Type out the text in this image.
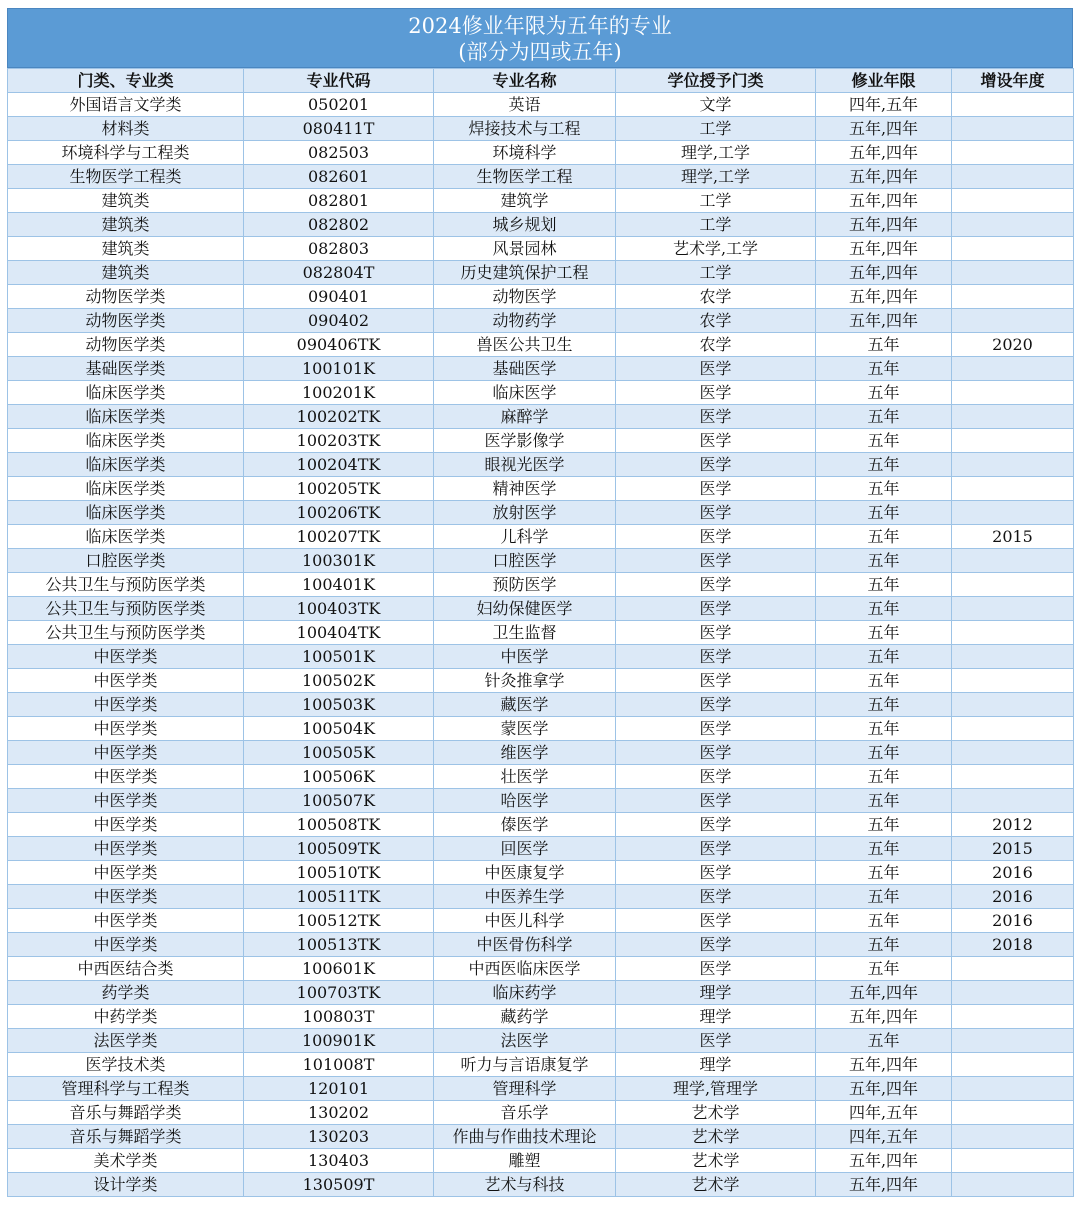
2024修业年限为五年的专业
(部分为四或五年)
门类、专业类	专业代码	专业名称	学位授予门类	修业年限	增设年度
外国语言文学类	050201	英语	文学	四年,五年	
材料类	080411T	焊接技术与工程	工学	五年,四年	
环境科学与工程类	082503	环境科学	理学,工学	五年,四年	
生物医学工程类	082601	生物医学工程	理学,工学	五年,四年	
建筑类	082801	建筑学	工学	五年,四年	
建筑类	082802	城乡规划	工学	五年,四年	
建筑类	082803	风景园林	艺术学,工学	五年,四年	
建筑类	082804T	历史建筑保护工程	工学	五年,四年	
动物医学类	090401	动物医学	农学	五年,四年	
动物医学类	090402	动物药学	农学	五年,四年	
动物医学类	090406TK	兽医公共卫生	农学	五年	2020
基础医学类	100101K	基础医学	医学	五年	
临床医学类	100201K	临床医学	医学	五年	
临床医学类	100202TK	麻醉学	医学	五年	
临床医学类	100203TK	医学影像学	医学	五年	
临床医学类	100204TK	眼视光医学	医学	五年	
临床医学类	100205TK	精神医学	医学	五年	
临床医学类	100206TK	放射医学	医学	五年	
临床医学类	100207TK	儿科学	医学	五年	2015
口腔医学类	100301K	口腔医学	医学	五年	
公共卫生与预防医学类	100401K	预防医学	医学	五年	
公共卫生与预防医学类	100403TK	妇幼保健医学	医学	五年	
公共卫生与预防医学类	100404TK	卫生监督	医学	五年	
中医学类	100501K	中医学	医学	五年	
中医学类	100502K	针灸推拿学	医学	五年	
中医学类	100503K	藏医学	医学	五年	
中医学类	100504K	蒙医学	医学	五年	
中医学类	100505K	维医学	医学	五年	
中医学类	100506K	壮医学	医学	五年	
中医学类	100507K	哈医学	医学	五年	
中医学类	100508TK	傣医学	医学	五年	2012
中医学类	100509TK	回医学	医学	五年	2015
中医学类	100510TK	中医康复学	医学	五年	2016
中医学类	100511TK	中医养生学	医学	五年	2016
中医学类	100512TK	中医儿科学	医学	五年	2016
中医学类	100513TK	中医骨伤科学	医学	五年	2018
中西医结合类	100601K	中西医临床医学	医学	五年	
药学类	100703TK	临床药学	理学	五年,四年	
中药学类	100803T	藏药学	理学	五年,四年	
法医学类	100901K	法医学	医学	五年	
医学技术类	101008T	听力与言语康复学	理学	五年,四年	
管理科学与工程类	120101	管理科学	理学,管理学	五年,四年	
音乐与舞蹈学类	130202	音乐学	艺术学	四年,五年	
音乐与舞蹈学类	130203	作曲与作曲技术理论	艺术学	四年,五年	
美术学类	130403	雕塑	艺术学	五年,四年	
设计学类	130509T	艺术与科技	艺术学	五年,四年	
